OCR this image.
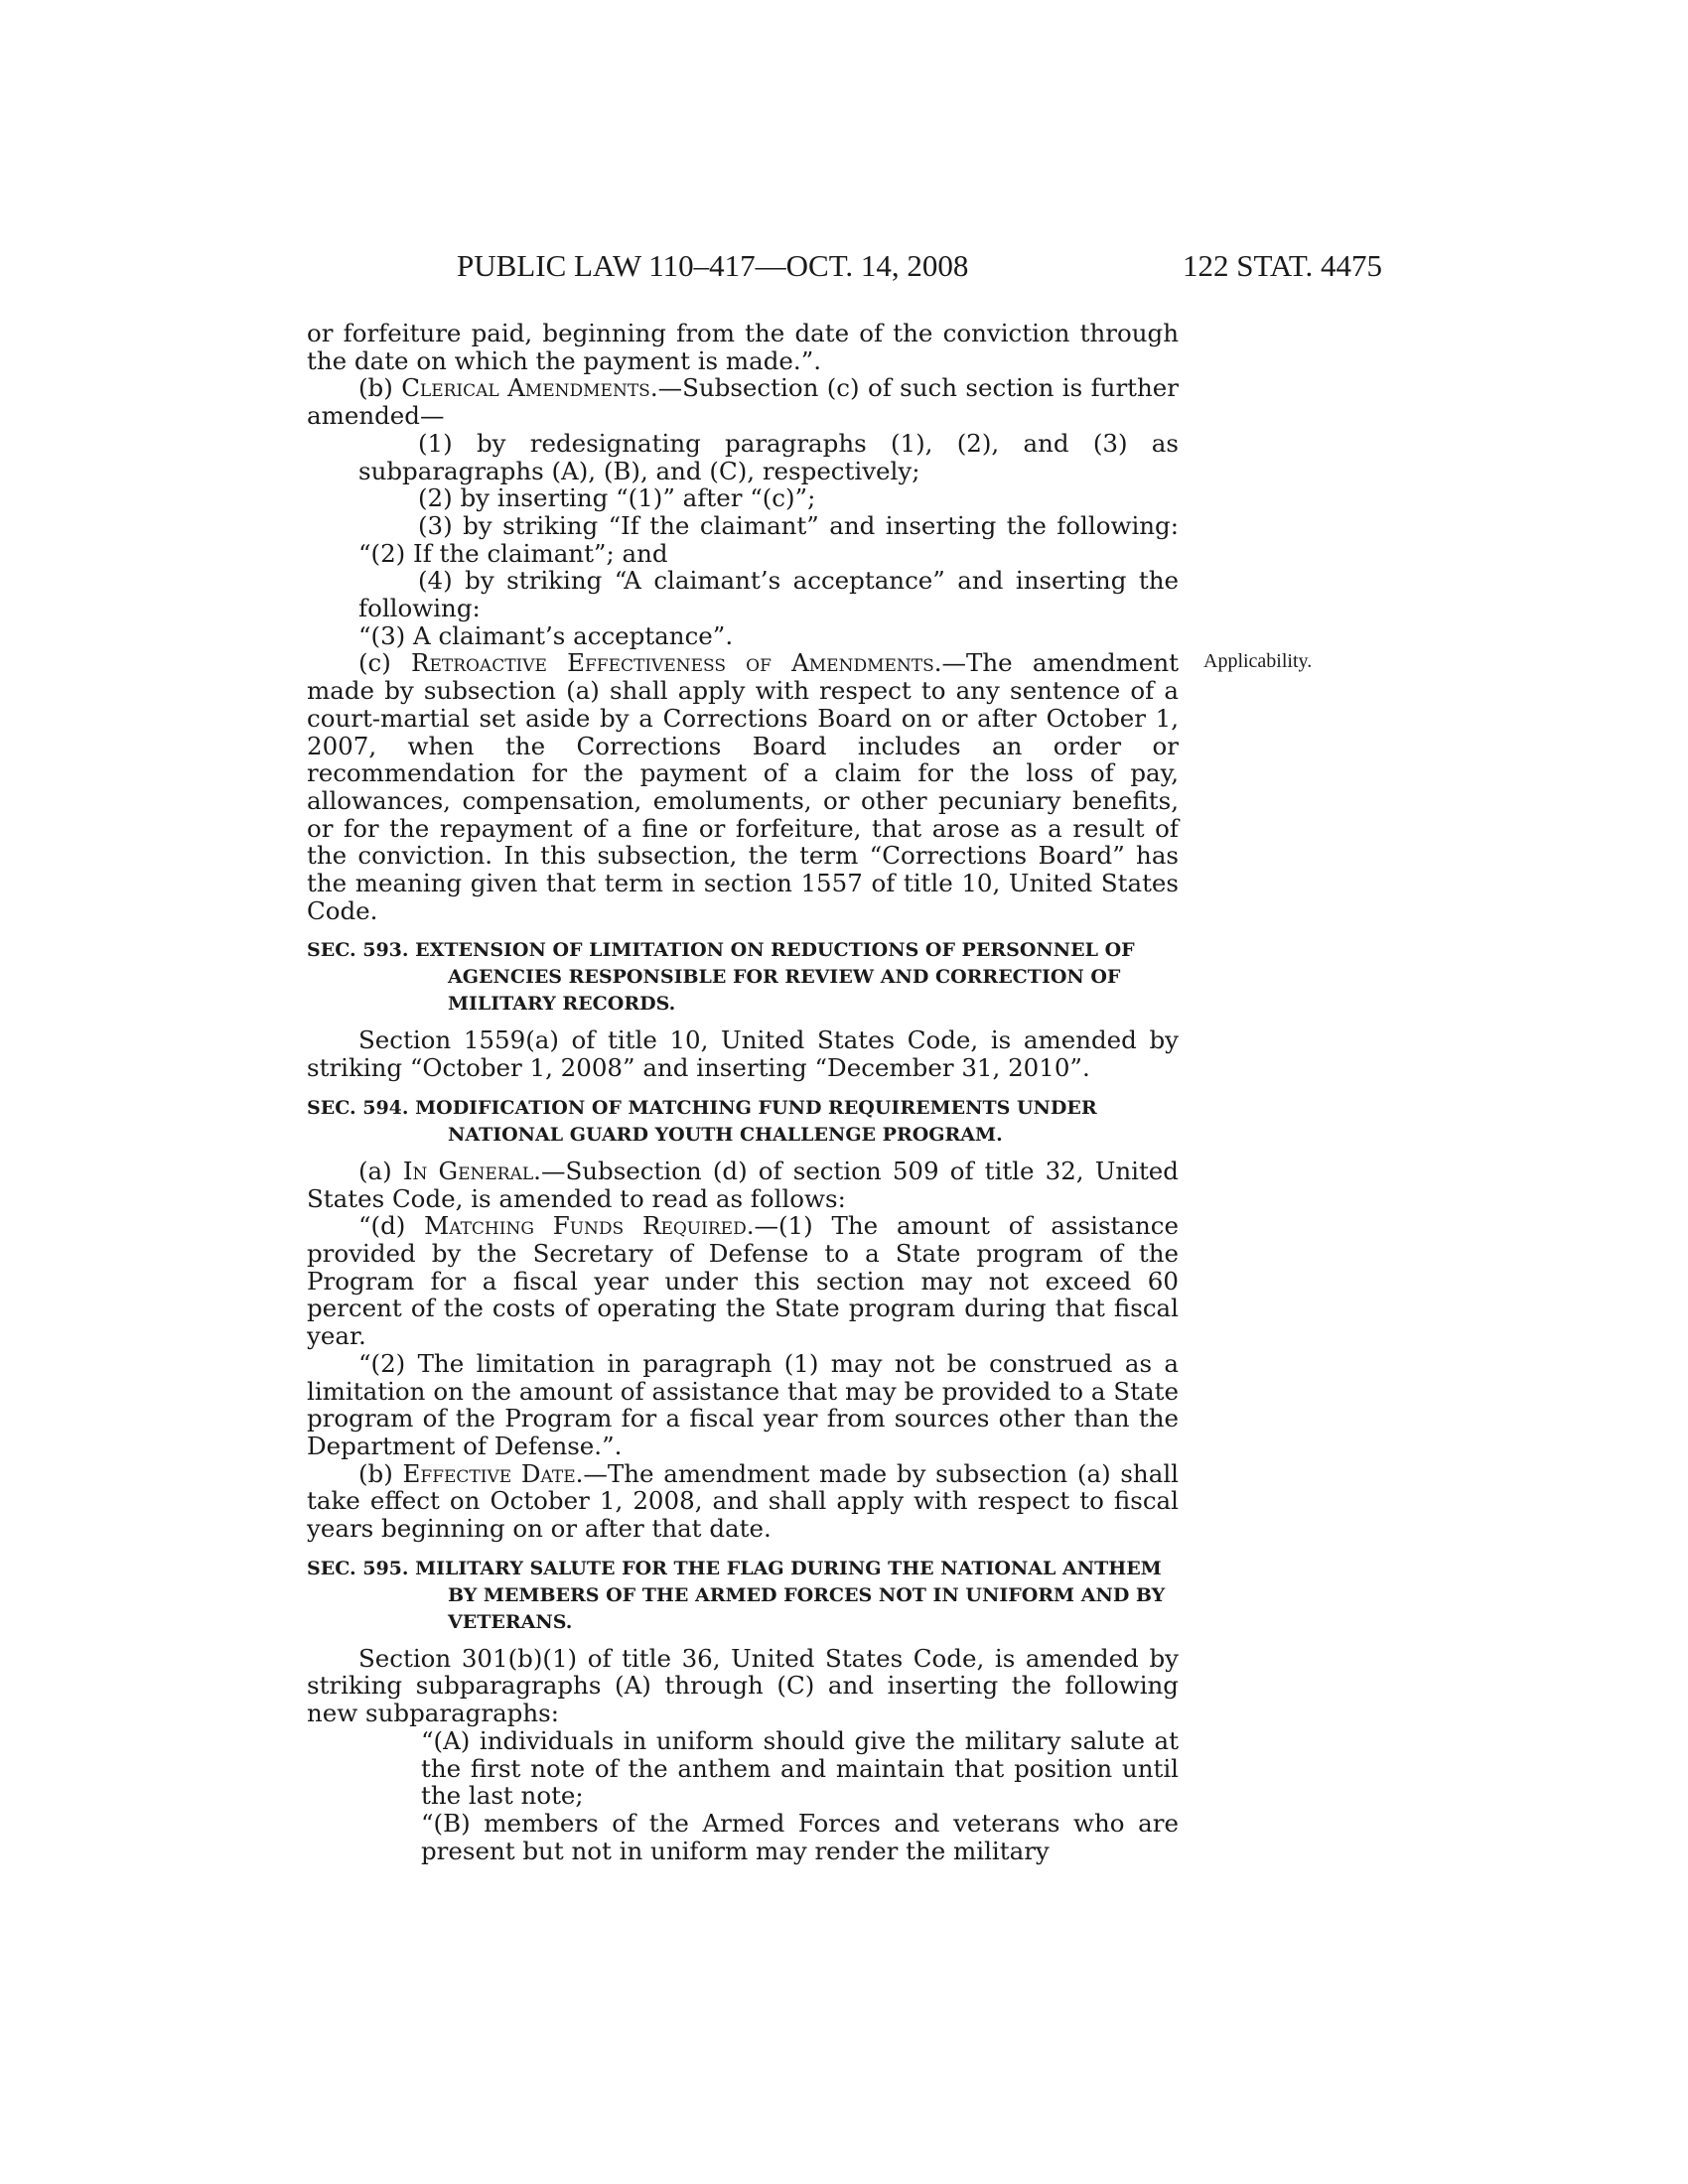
PUBLIC LAW 110–417—OCT. 14, 2008	122 STAT. 4475
Applicability.

or forfeiture paid, beginning from the date of the conviction through the date on which the payment is made.”.

(b) Clerical Amendments.—Subsection (c) of such section is further amended—

(1) by redesignating paragraphs (1), (2), and (3) as subparagraphs (A), (B), and (C), respectively;

(2) by inserting “(1)” after “(c)”;

(3) by striking “If the claimant” and inserting the following: “(2) If the claimant”; and

(4) by striking “A claimant’s acceptance” and inserting the following:

“(3) A claimant’s acceptance”.

(c) Retroactive Effectiveness of Amendments.—The amendment made by subsection (a) shall apply with respect to any sentence of a court-martial set aside by a Corrections Board on or after October 1, 2007, when the Corrections Board includes an order or recommendation for the payment of a claim for the loss of pay, allowances, compensation, emoluments, or other pecuniary benefits, or for the repayment of a fine or forfeiture, that arose as a result of the conviction. In this subsection, the term “Corrections Board” has the meaning given that term in section 1557 of title 10, United States Code.

SEC. 593. EXTENSION OF LIMITATION ON REDUCTIONS OF PERSONNEL OF AGENCIES RESPONSIBLE FOR REVIEW AND CORRECTION OF MILITARY RECORDS.

Section 1559(a) of title 10, United States Code, is amended by striking “October 1, 2008” and inserting “December 31, 2010”.

SEC. 594. MODIFICATION OF MATCHING FUND REQUIREMENTS UNDER NATIONAL GUARD YOUTH CHALLENGE PROGRAM.

(a) In General.—Subsection (d) of section 509 of title 32, United States Code, is amended to read as follows:

“(d) Matching Funds Required.—(1) The amount of assistance provided by the Secretary of Defense to a State program of the Program for a fiscal year under this section may not exceed 60 percent of the costs of operating the State program during that fiscal year.

“(2) The limitation in paragraph (1) may not be construed as a limitation on the amount of assistance that may be provided to a State program of the Program for a fiscal year from sources other than the Department of Defense.”.

(b) Effective Date.—The amendment made by subsection (a) shall take effect on October 1, 2008, and shall apply with respect to fiscal years beginning on or after that date.

SEC. 595. MILITARY SALUTE FOR THE FLAG DURING THE NATIONAL ANTHEM BY MEMBERS OF THE ARMED FORCES NOT IN UNIFORM AND BY VETERANS.

Section 301(b)(1) of title 36, United States Code, is amended by striking subparagraphs (A) through (C) and inserting the following new subparagraphs:

“(A) individuals in uniform should give the military salute at the first note of the anthem and maintain that position until the last note;

“(B) members of the Armed Forces and veterans who are present but not in uniform may render the military
